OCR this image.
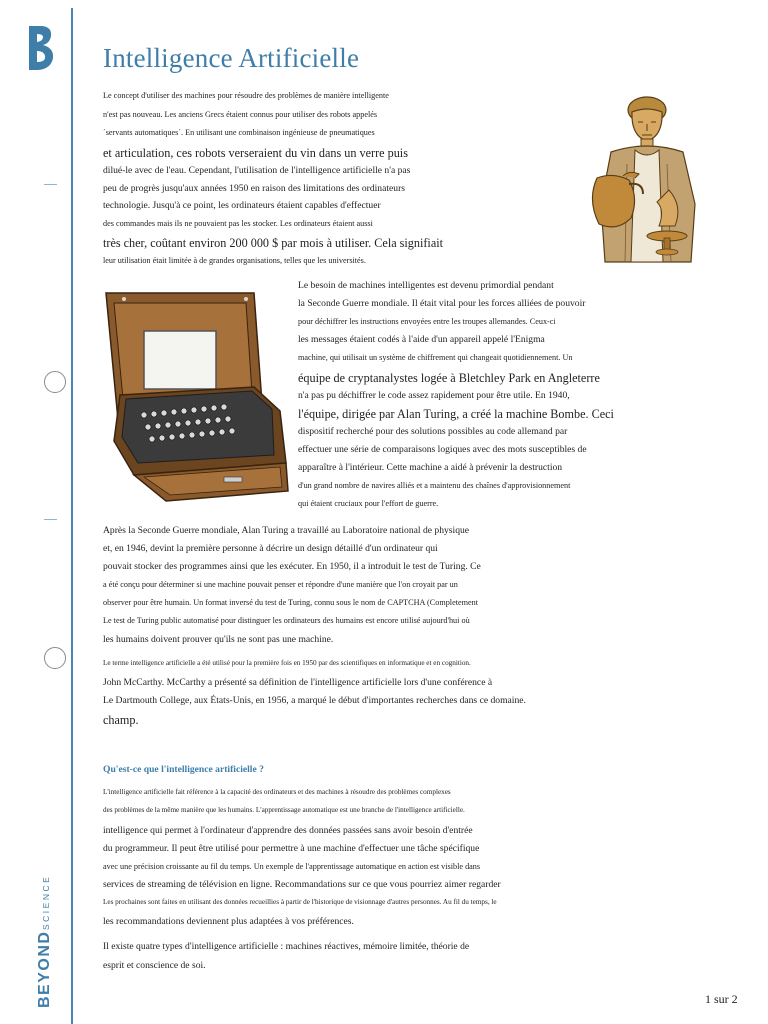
BEYOND
SCIENCE
Intelligence Artificielle
Le concept d'utiliser des machines pour résoudre des problèmes de manière intelligente
n'est pas nouveau. Les anciens Grecs étaient connus pour utiliser des robots appelés
´servants automatiques´. En utilisant une combinaison ingénieuse de pneumatiques
et articulation, ces robots verseraient du vin dans un verre puis
dilué-le avec de l'eau. Cependant, l'utilisation de l'intelligence artificielle n'a pas
peu de progrès jusqu'aux années 1950 en raison des limitations des ordinateurs
technologie. Jusqu'à ce point, les ordinateurs étaient capables d'effectuer
des commandes mais ils ne pouvaient pas les stocker. Les ordinateurs étaient aussi
très cher, coûtant environ 200 000 $ par mois à utiliser. Cela signifiait
leur utilisation était limitée à de grandes organisations, telles que les universités.
Le besoin de machines intelligentes est devenu primordial pendant
la Seconde Guerre mondiale. Il était vital pour les forces alliées de pouvoir
pour déchiffrer les instructions envoyées entre les troupes allemandes. Ceux-ci
les messages étaient codés à l'aide d'un appareil appelé l'Enigma
machine, qui utilisait un système de chiffrement qui changeait quotidiennement. Un
équipe de cryptanalystes logée à Bletchley Park en Angleterre
n'a pas pu déchiffrer le code assez rapidement pour être utile. En 1940,
l'équipe, dirigée par Alan Turing, a créé la machine Bombe. Ceci
dispositif recherché pour des solutions possibles au code allemand par
effectuer une série de comparaisons logiques avec des mots susceptibles de
apparaître à l'intérieur. Cette machine a aidé à prévenir la destruction
d'un grand nombre de navires alliés et a maintenu des chaînes d'approvisionnement
qui étaient cruciaux pour l'effort de guerre.
Après la Seconde Guerre mondiale, Alan Turing a travaillé au Laboratoire national de physique
et, en 1946, devint la première personne à décrire un design détaillé d'un ordinateur qui
pouvait stocker des programmes ainsi que les exécuter. En 1950, il a introduit le test de Turing. Ce
a été conçu pour déterminer si une machine pouvait penser et répondre d'une manière que l'on croyait par un
observer pour être humain. Un format inversé du test de Turing, connu sous le nom de CAPTCHA (Completement
Le test de Turing public automatisé pour distinguer les ordinateurs des humains est encore utilisé aujourd'hui où
les humains doivent prouver qu'ils ne sont pas une machine.
Le terme intelligence artificielle a été utilisé pour la première fois en 1950 par des scientifiques en informatique et en cognition.
John McCarthy. McCarthy a présenté sa définition de l'intelligence artificielle lors d'une conférence à
Le Dartmouth College, aux États-Unis, en 1956, a marqué le début d'importantes recherches dans ce domaine.
champ.
Qu'est-ce que l'intelligence artificielle ?
L'intelligence artificielle fait référence à la capacité des ordinateurs et des machines à résoudre des problèmes complexes
des problèmes de la même manière que les humains. L'apprentissage automatique est une branche de l'intelligence artificielle.
intelligence qui permet à l'ordinateur d'apprendre des données passées sans avoir besoin d'entrée
du programmeur. Il peut être utilisé pour permettre à une machine d'effectuer une tâche spécifique
avec une précision croissante au fil du temps. Un exemple de l'apprentissage automatique en action est visible dans
services de streaming de télévision en ligne. Recommandations sur ce que vous pourriez aimer regarder
Les prochaines sont faites en utilisant des données recueillies à partir de l'historique de visionnage d'autres personnes. Au fil du temps, le
les recommandations deviennent plus adaptées à vos préférences.
Il existe quatre types d'intelligence artificielle : machines réactives, mémoire limitée, théorie de
esprit et conscience de soi.
1 sur 2
